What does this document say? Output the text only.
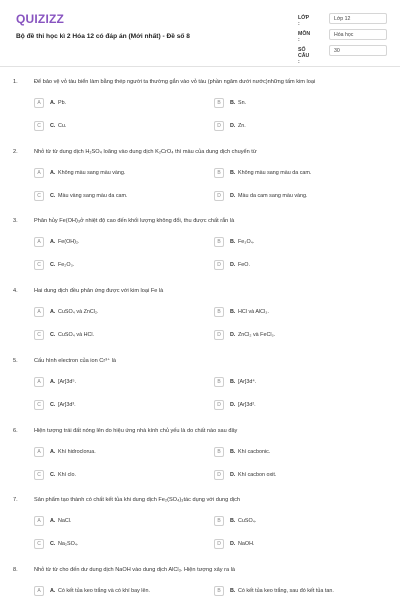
QUIZIZZ
Bộ đề thi học kì 2 Hóa 12 có đáp án (Mới nhất) - Đề số 8
LỚP :
Lớp 12
MÔN :
Hóa học
SỐ CÂU :
30
1.	Để bảo vệ vỏ tàu biển làm bằng thép người ta thường gắn vào vỏ tàu (phần ngâm dưới nước)những tấm kim loại
A	A. Pb.	B	B. Sn.
C	C. Cu.	D	D. Zn.
2.	Nhỏ từ từ dung dịch H₂SO₄ loãng vào dung dịch K₂CrO₄ thì màu của dung dịch chuyển từ
A	A. Không màu sang màu vàng.	B	B. Không màu sang màu da cam.
C	C. Màu vàng sang màu da cam.	D	D. Màu da cam sang màu vàng.
3.	Phân hủy Fe(OH)₃ở nhiệt độ cao đến khối lượng không đổi, thu được chất rắn là
A	A. Fe(OH)₂.	B	B. Fe₃O₄.
C	C. Fe₂O₃.	D	D. FeO.
4.	Hai dung dịch đều phản ứng được với kim loại Fe là
A	A. CuSO₄ và ZnCl₂.	B	B. HCl và AlCl₃.
C	C. CuSO₄ và HCl.	D	D. ZnCl₂ và FeCl₃.
5.	Cấu hình electron của ion Cr³⁺ là
A	A. [Ar]3d⁵.	B	B. [Ar]3d⁴.
C	C. [Ar]3d³.	D	D. [Ar]3d².
6.	Hiện tượng trái đất nóng lên do hiệu ứng nhà kính chủ yếu là do chất nào sau đây
A	A. Khí hidroclorua.	B	B. Khí cacbonic.
C	C. Khí clo.	D	D. Khí cacbon oxit.
7.	Sản phẩm tạo thành có chất kết tủa khi dung dịch Fe₂(SO₄)₃tác dụng với dung dịch
A	A. NaCl.	B	B. CuSO₄.
C	C. Na₂SO₄.	D	D. NaOH.
8.	Nhỏ từ từ cho đến dư dung dịch NaOH vào dung dịch AlCl₃. Hiện tượng xảy ra là
A	A. Có kết tủa keo trắng và có khí bay lên.	B	B. Có kết tủa keo trắng, sau đó kết tủa tan.
